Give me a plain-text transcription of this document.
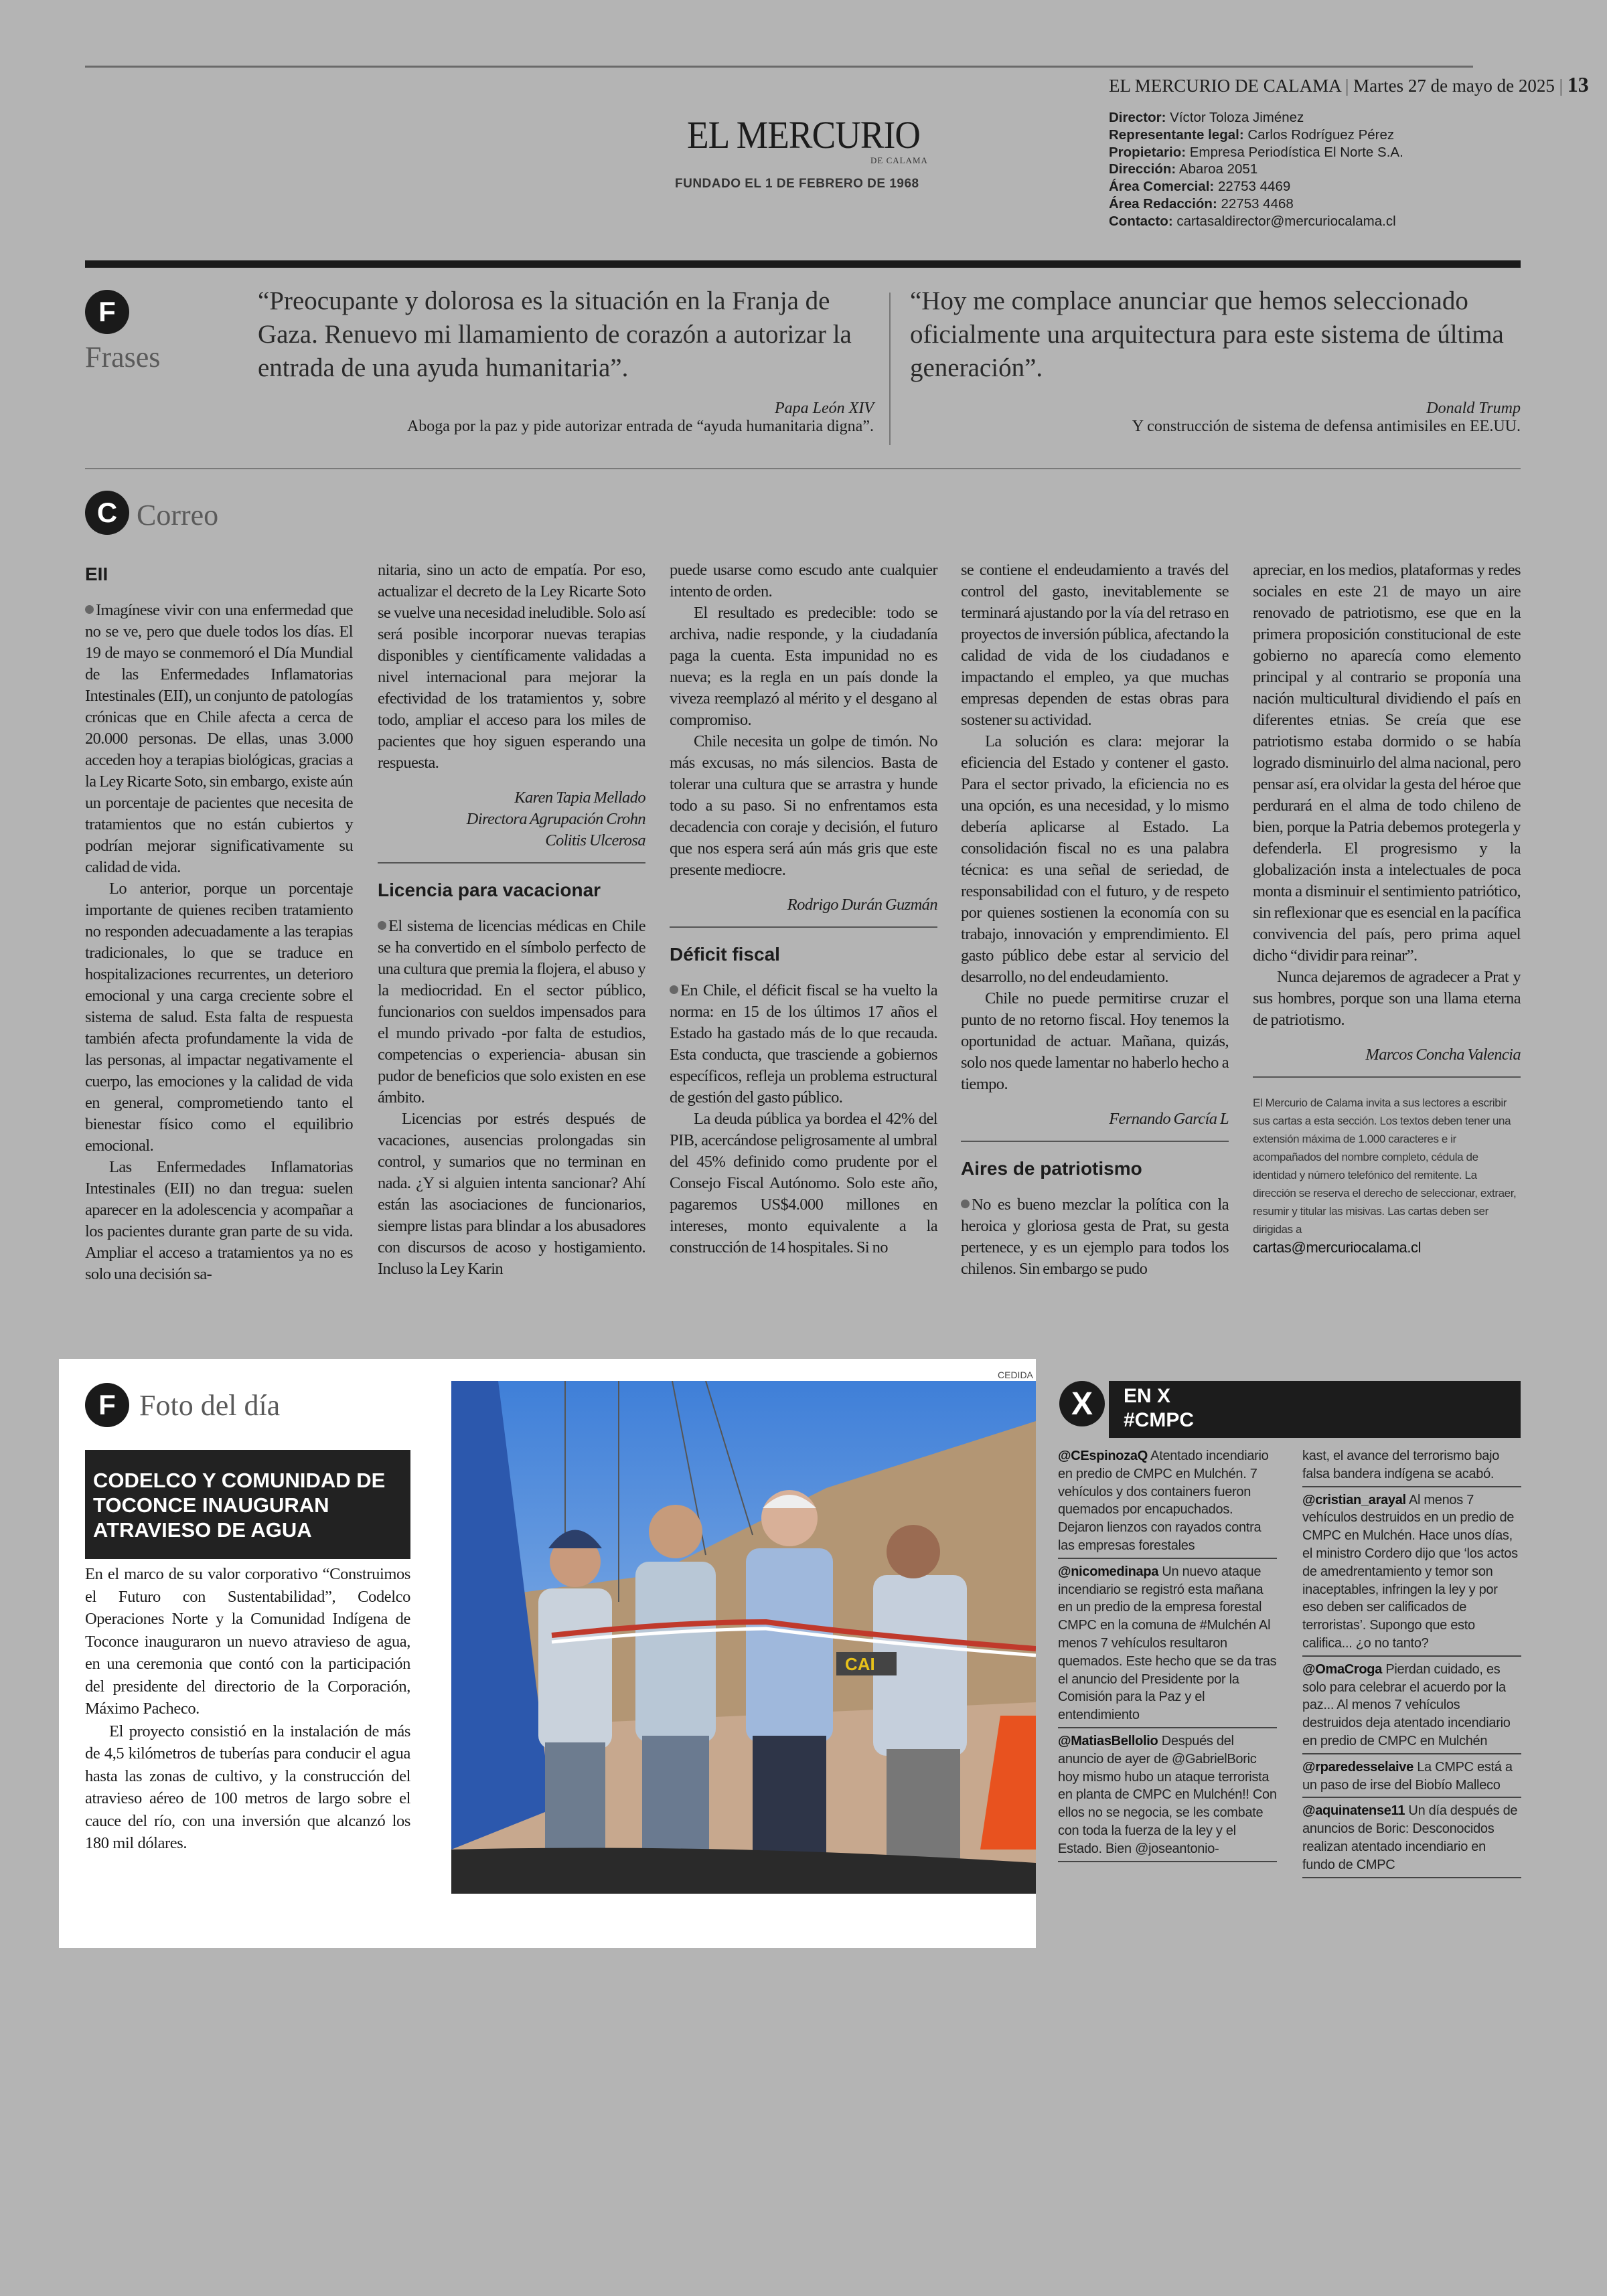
EL MERCURIO
DE CALAMA
FUNDADO EL 1 DE FEBRERO DE 1968
EL MERCURIO DE CALAMA | Martes 27 de mayo de 2025 | 13
Director: Víctor Toloza Jiménez
Representante legal: Carlos Rodríguez Pérez
Propietario: Empresa Periodística El Norte S.A.
Dirección: Abaroa 2051
Área Comercial: 22753 4469
Área Redacción: 22753 4468
Contacto: cartasaldirector@mercuriocalama.cl
F
Frases
“Preocupante y dolorosa es la situación en la Franja de Gaza. Renuevo mi llamamiento de corazón a autorizar la entrada de una ayuda humanitaria”.
Papa León XIV
Aboga por la paz y pide autorizar entrada de “ayuda humanitaria digna”.
“Hoy me complace anunciar que hemos seleccionado oficialmente una arquitectura para este sistema de última generación”.
Donald Trump
Y construcción de sistema de defensa antimisiles en EE.UU.
C Correo
EII

Imagínese vivir con una enfermedad que no se ve, pero que duele todos los días. El 19 de mayo se conmemoró el Día Mundial de las Enfermedades Inflamatorias Intestinales (EII), un conjunto de patologías crónicas que en Chile afecta a cerca de 20.000 personas. De ellas, unas 3.000 acceden hoy a terapias biológicas, gracias a la Ley Ricarte Soto, sin embargo, existe aún un porcentaje de pacientes que necesita de tratamientos que no están cubiertos y podrían mejorar significativamente su calidad de vida.

Lo anterior, porque un porcentaje importante de quienes reciben tratamiento no responden adecuadamente a las terapias tradicionales, lo que se traduce en hospitalizaciones recurrentes, un deterioro emocional y una carga creciente sobre el sistema de salud. Esta falta de respuesta también afecta profundamente la vida de las personas, al impactar negativamente el cuerpo, las emociones y la calidad de vida en general, comprometiendo tanto el bienestar físico como el equilibrio emocional.

Las Enfermedades Inflamatorias Intestinales (EII) no dan tregua: suelen aparecer en la adolescencia y acompañar a los pacientes durante gran parte de su vida. Ampliar el acceso a tratamientos ya no es solo una decisión sa-

nitaria, sino un acto de empatía. Por eso, actualizar el decreto de la Ley Ricarte Soto se vuelve una necesidad ineludible. Solo así será posible incorporar nuevas terapias disponibles y científicamente validadas a nivel internacional para mejorar la efectividad de los tratamientos y, sobre todo, ampliar el acceso para los miles de pacientes que hoy siguen esperando una respuesta.

Karen Tapia Mellado
Directora Agrupación Crohn
Colitis Ulcerosa
Licencia para vacacionar

El sistema de licencias médicas en Chile se ha convertido en el símbolo perfecto de una cultura que premia la flojera, el abuso y la mediocridad. En el sector público, funcionarios con sueldos impensados para el mundo privado -por falta de estudios, competencias o experiencia- abusan sin pudor de beneficios que solo existen en ese ámbito.

Licencias por estrés después de vacaciones, ausencias prolongadas sin control, y sumarios que no terminan en nada. ¿Y si alguien intenta sancionar? Ahí están las asociaciones de funcionarios, siempre listas para blindar a los abusadores con discursos de acoso y hostigamiento. Incluso la Ley Karin

puede usarse como escudo ante cualquier intento de orden.

El resultado es predecible: todo se archiva, nadie responde, y la ciudadanía paga la cuenta. Esta impunidad no es nueva; es la regla en un país donde la viveza reemplazó al mérito y el desgano al compromiso.

Chile necesita un golpe de timón. No más excusas, no más silencios. Basta de tolerar una cultura que se arrastra y hunde todo a su paso. Si no enfrentamos esta decadencia con coraje y decisión, el futuro que nos espera será aún más gris que este presente mediocre.

Rodrigo Durán Guzmán
Déficit fiscal

En Chile, el déficit fiscal se ha vuelto la norma: en 15 de los últimos 17 años el Estado ha gastado más de lo que recauda. Esta conducta, que trasciende a gobiernos específicos, refleja un problema estructural de gestión del gasto público.

La deuda pública ya bordea el 42% del PIB, acercándose peligrosamente al umbral del 45% definido como prudente por el Consejo Fiscal Autónomo. Solo este año, pagaremos US$4.000 millones en intereses, monto equivalente a la construcción de 14 hospitales. Si no

se contiene el endeudamiento a través del control del gasto, inevitablemente se terminará ajustando por la vía del retraso en proyectos de inversión pública, afectando la calidad de vida de los ciudadanos e impactando el empleo, ya que muchas empresas dependen de estas obras para sostener su actividad.

La solución es clara: mejorar la eficiencia del Estado y contener el gasto. Para el sector privado, la eficiencia no es una opción, es una necesidad, y lo mismo debería aplicarse al Estado. La consolidación fiscal no es una palabra técnica: es una señal de seriedad, de responsabilidad con el futuro, y de respeto por quienes sostienen la economía con su trabajo, innovación y emprendimiento. El gasto público debe estar al servicio del desarrollo, no del endeudamiento.

Chile no puede permitirse cruzar el punto de no retorno fiscal. Hoy tenemos la oportunidad de actuar. Mañana, quizás, solo nos quede lamentar no haberlo hecho a tiempo.

Fernando García L
Aires de patriotismo

No es bueno mezclar la política con la heroica y gloriosa gesta de Prat, su gesta pertenece, y es un ejemplo para todos los chilenos. Sin embargo se pudo

apreciar, en los medios, plataformas y redes sociales en este 21 de mayo un aire renovado de patriotismo, ese que en la primera proposición constitucional de este gobierno no aparecía como elemento principal y al contrario se proponía una nación multicultural dividiendo el país en diferentes etnias. Se creía que ese patriotismo estaba dormido o se había logrado disminuirlo del alma nacional, pero pensar así, era olvidar la gesta del héroe que perdurará en el alma de todo chileno de bien, porque la Patria debemos protegerla y defenderla. El progresismo y la globalización insta a intelectuales de poca monta a disminuir el sentimiento patriótico, sin reflexionar que es esencial en la pacífica convivencia del país, pero prima aquel dicho “dividir para reinar”.

Nunca dejaremos de agradecer a Prat y sus hombres, porque son una llama eterna de patriotismo.

Marcos Concha Valencia
El Mercurio de Calama invita a sus lectores a escribir sus cartas a esta sección. Los textos deben tener una extensión máxima de 1.000 caracteres e ir acompañados del nombre completo, cédula de identidad y número telefónico del remitente. La dirección se reserva el derecho de seleccionar, extraer, resumir y titular las misivas. Las cartas deben ser dirigidas a
cartas@mercuriocalama.cl
F Foto del día
CODELCO Y COMUNIDAD DE TOCONCE INAUGURAN ATRAVIESO DE AGUA

En el marco de su valor corporativo “Construimos el Futuro con Sustentabilidad”, Codelco Operaciones Norte y la Comunidad Indígena de Toconce inauguraron un nuevo atravieso de agua, en una ceremonia que contó con la participación del presidente del directorio de la Corporación, Máximo Pacheco.

El proyecto consistió en la instalación de más de 4,5 kilómetros de tuberías para conducir el agua hasta las zonas de cultivo, y la construcción del atravieso aéreo de 100 metros de largo sobre el cauce del río, con una inversión que alcanzó los 180 mil dólares.

CEDIDA
CAI
X	EN X
#CMPC
@CEspinozaQ Atentado incendiario en predio de CMPC en Mulchén. 7 vehículos y dos containers fueron quemados por encapuchados. Dejaron lienzos con rayados contra las empresas forestales
@nicomedinapa Un nuevo ataque incendiario se registró esta mañana en un predio de la empresa forestal CMPC en la comuna de #Mulchén Al menos 7 vehículos resultaron quemados. Este hecho que se da tras el anuncio del Presidente por la Comisión para la Paz y el entendimiento
@MatiasBellolio Después del anuncio de ayer de @GabrielBoric hoy mismo hubo un ataque terrorista en planta de CMPC en Mulchén!! Con ellos no se negocia, se les combate con toda la fuerza de la ley y el Estado. Bien @joseantonio-
kast, el avance del terrorismo bajo falsa bandera indígena se acabó.
@cristian_arayal Al menos 7 vehículos destruidos en un predio de CMPC en Mulchén. Hace unos días, el ministro Cordero dijo que ‘los actos de amedrentamiento y temor son inaceptables, infringen la ley y por eso deben ser calificados de terroristas’. Supongo que esto califica... ¿o no tanto?
@OmaCroga Pierdan cuidado, es solo para celebrar el acuerdo por la paz... Al menos 7 vehículos destruidos deja atentado incendiario en predio de CMPC en Mulchén
@rparedesselaive La CMPC está a un paso de irse del Biobío Malleco
@aquinatense11 Un día después de anuncios de Boric: Desconocidos realizan atentado incendiario en fundo de CMPC
